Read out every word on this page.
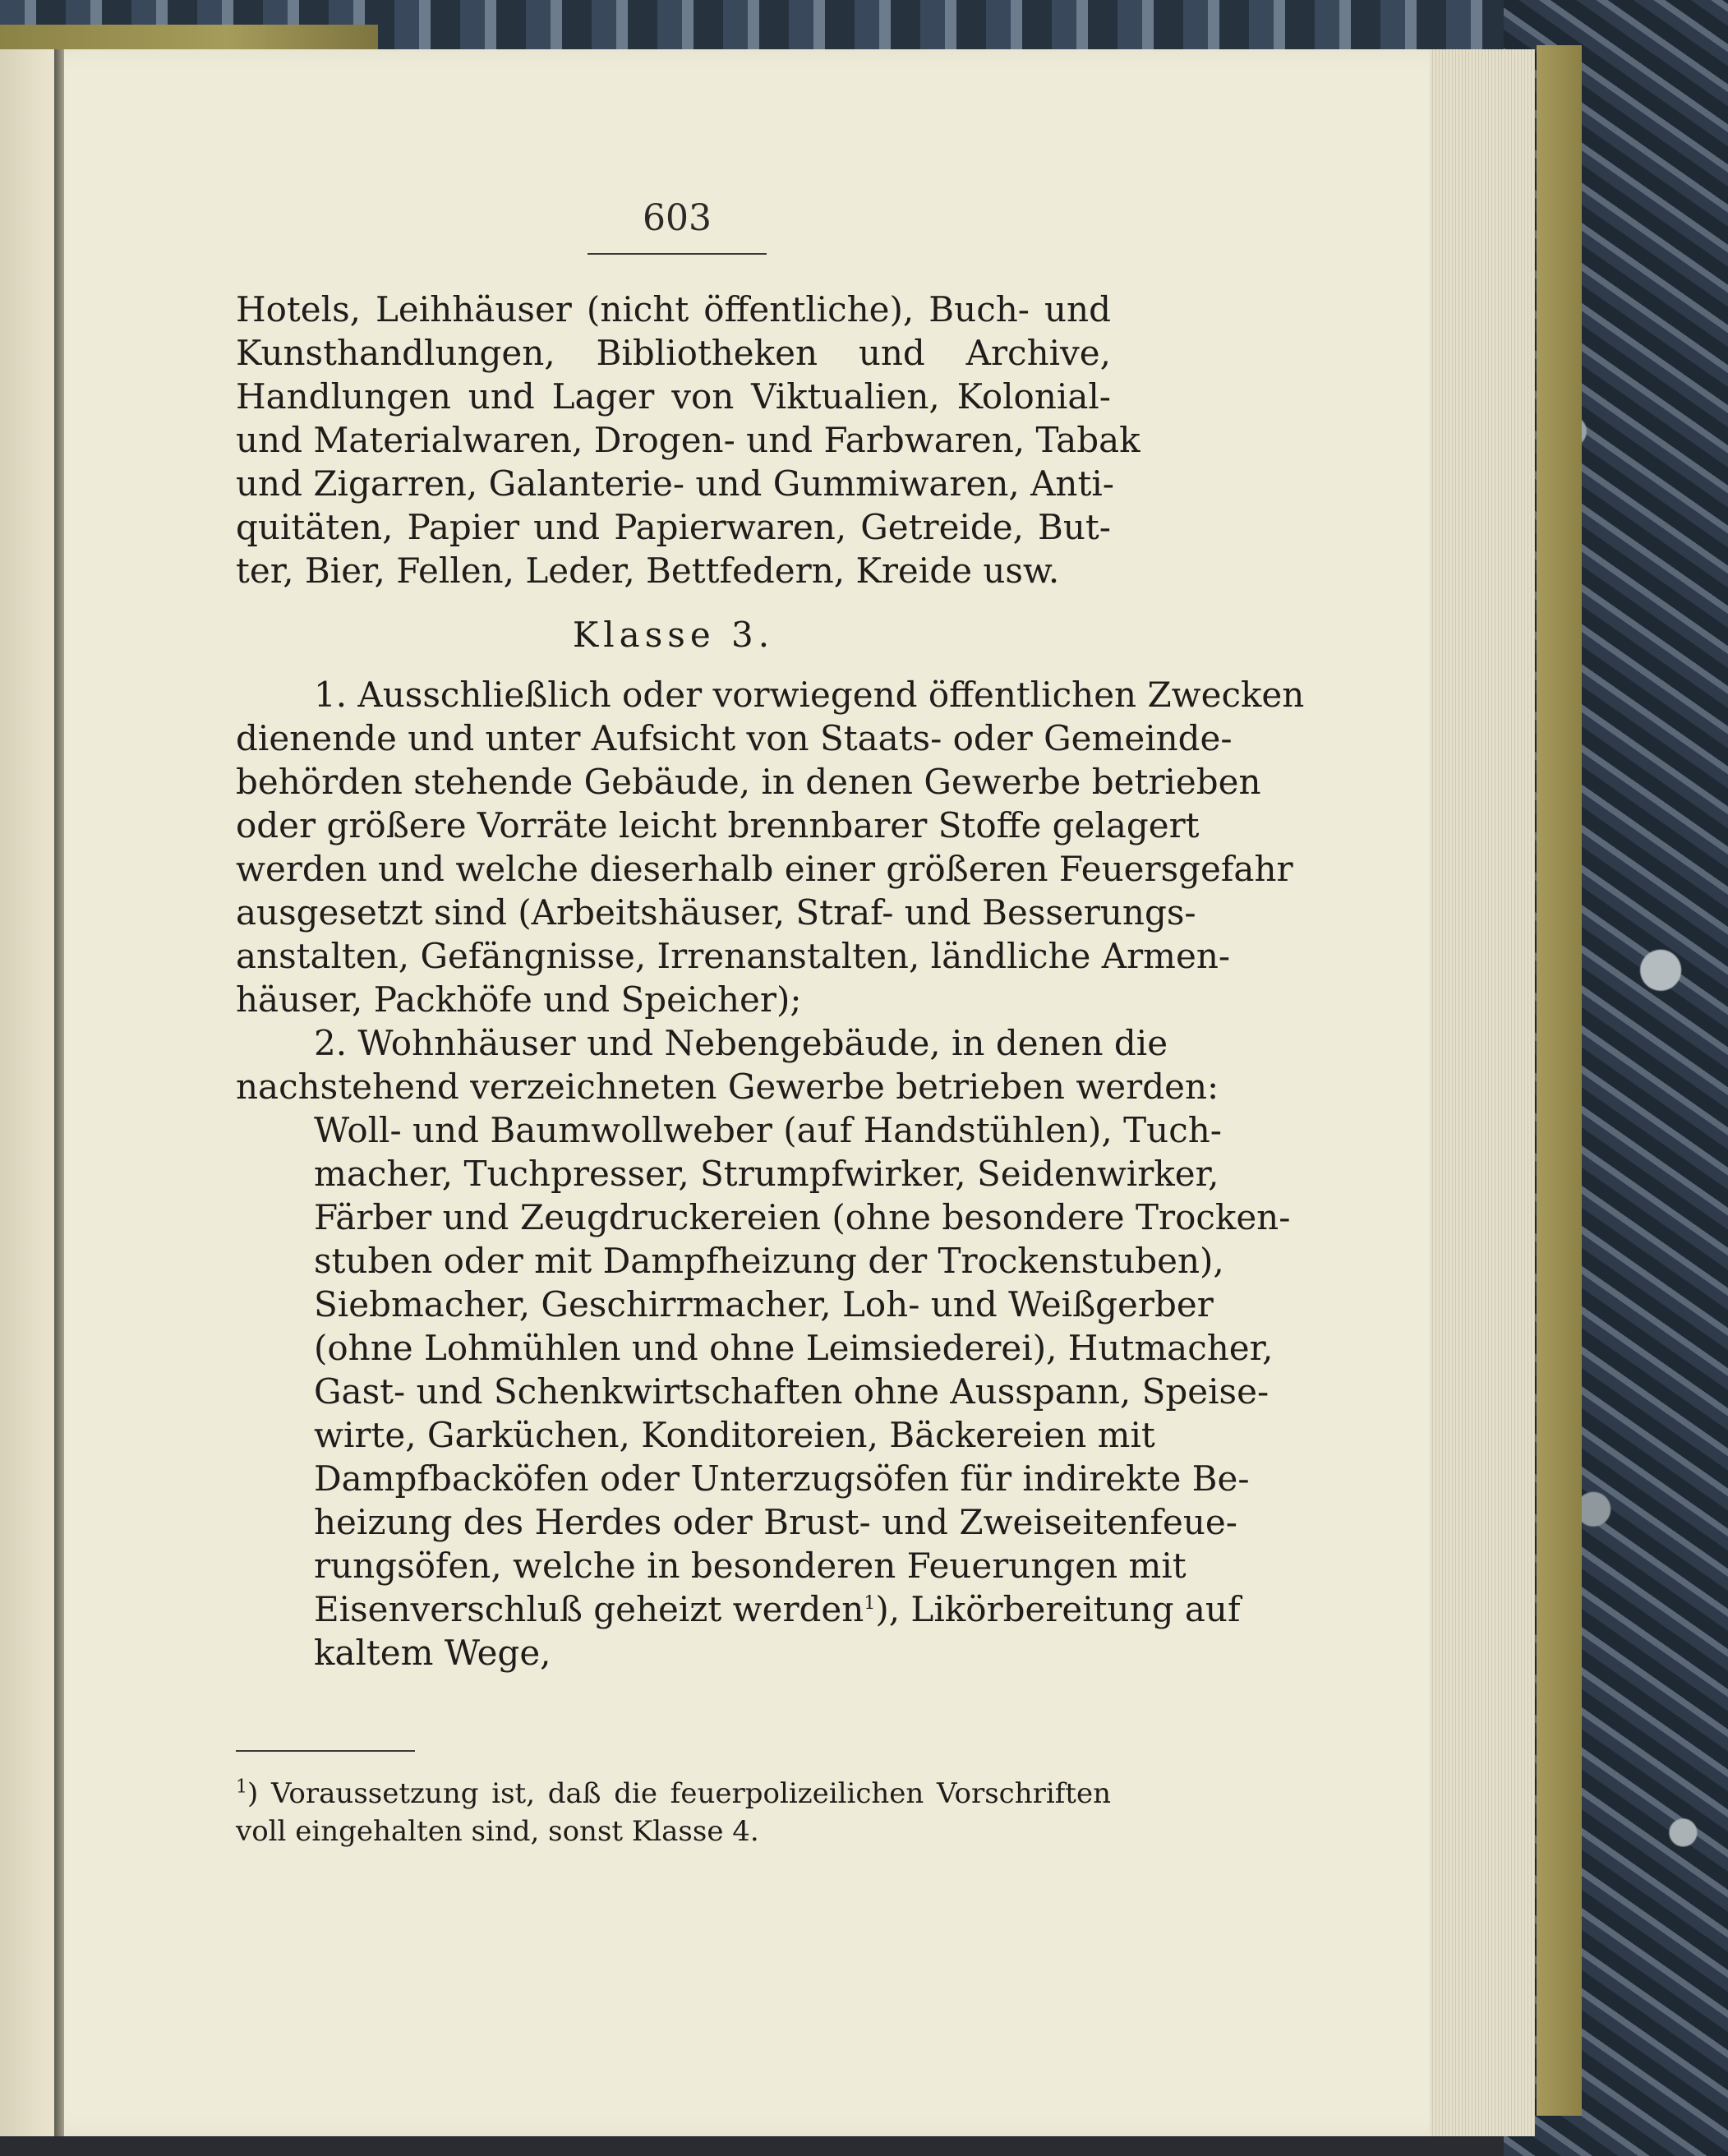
603
Hotels, Leihhäuser (nicht öffentliche), Buch- und
Kunsthandlungen, Bibliotheken und Archive,
Handlungen und Lager von Viktualien, Kolonial-
und Materialwaren, Drogen- und Farbwaren, Tabak
und Zigarren, Galanterie- und Gummiwaren, Anti-
quitäten, Papier und Papierwaren, Getreide, But-
ter, Bier, Fellen, Leder, Bettfedern, Kreide usw.
Klasse 3.
1. Ausschließlich oder vorwiegend öffentlichen Zwecken
dienende und unter Aufsicht von Staats- oder Gemeinde-
behörden stehende Gebäude, in denen Gewerbe betrieben
oder größere Vorräte leicht brennbarer Stoffe gelagert
werden und welche dieserhalb einer größeren Feuersgefahr
ausgesetzt sind (Arbeitshäuser, Straf- und Besserungs-
anstalten, Gefängnisse, Irrenanstalten, ländliche Armen-
häuser, Packhöfe und Speicher);
2. Wohnhäuser und Nebengebäude, in denen die
nachstehend verzeichneten Gewerbe betrieben werden:
Woll- und Baumwollweber (auf Handstühlen), Tuch-
macher, Tuchpresser, Strumpfwirker, Seidenwirker,
Färber und Zeugdruckereien (ohne besondere Trocken-
stuben oder mit Dampfheizung der Trockenstuben),
Siebmacher, Geschirrmacher, Loh- und Weißgerber
(ohne Lohmühlen und ohne Leimsiederei), Hutmacher,
Gast- und Schenkwirtschaften ohne Ausspann, Speise-
wirte, Garküchen, Konditoreien, Bäckereien mit
Dampfbacköfen oder Unterzugsöfen für indirekte Be-
heizung des Herdes oder Brust- und Zweiseitenfeue-
rungsöfen, welche in besonderen Feuerungen mit
Eisenverschluß geheizt werden$^1$), Likörbereitung auf
kaltem Wege,
$^1$) Voraussetzung ist, daß die feuerpolizeilichen Vorschriften
voll eingehalten sind, sonst Klasse 4.
